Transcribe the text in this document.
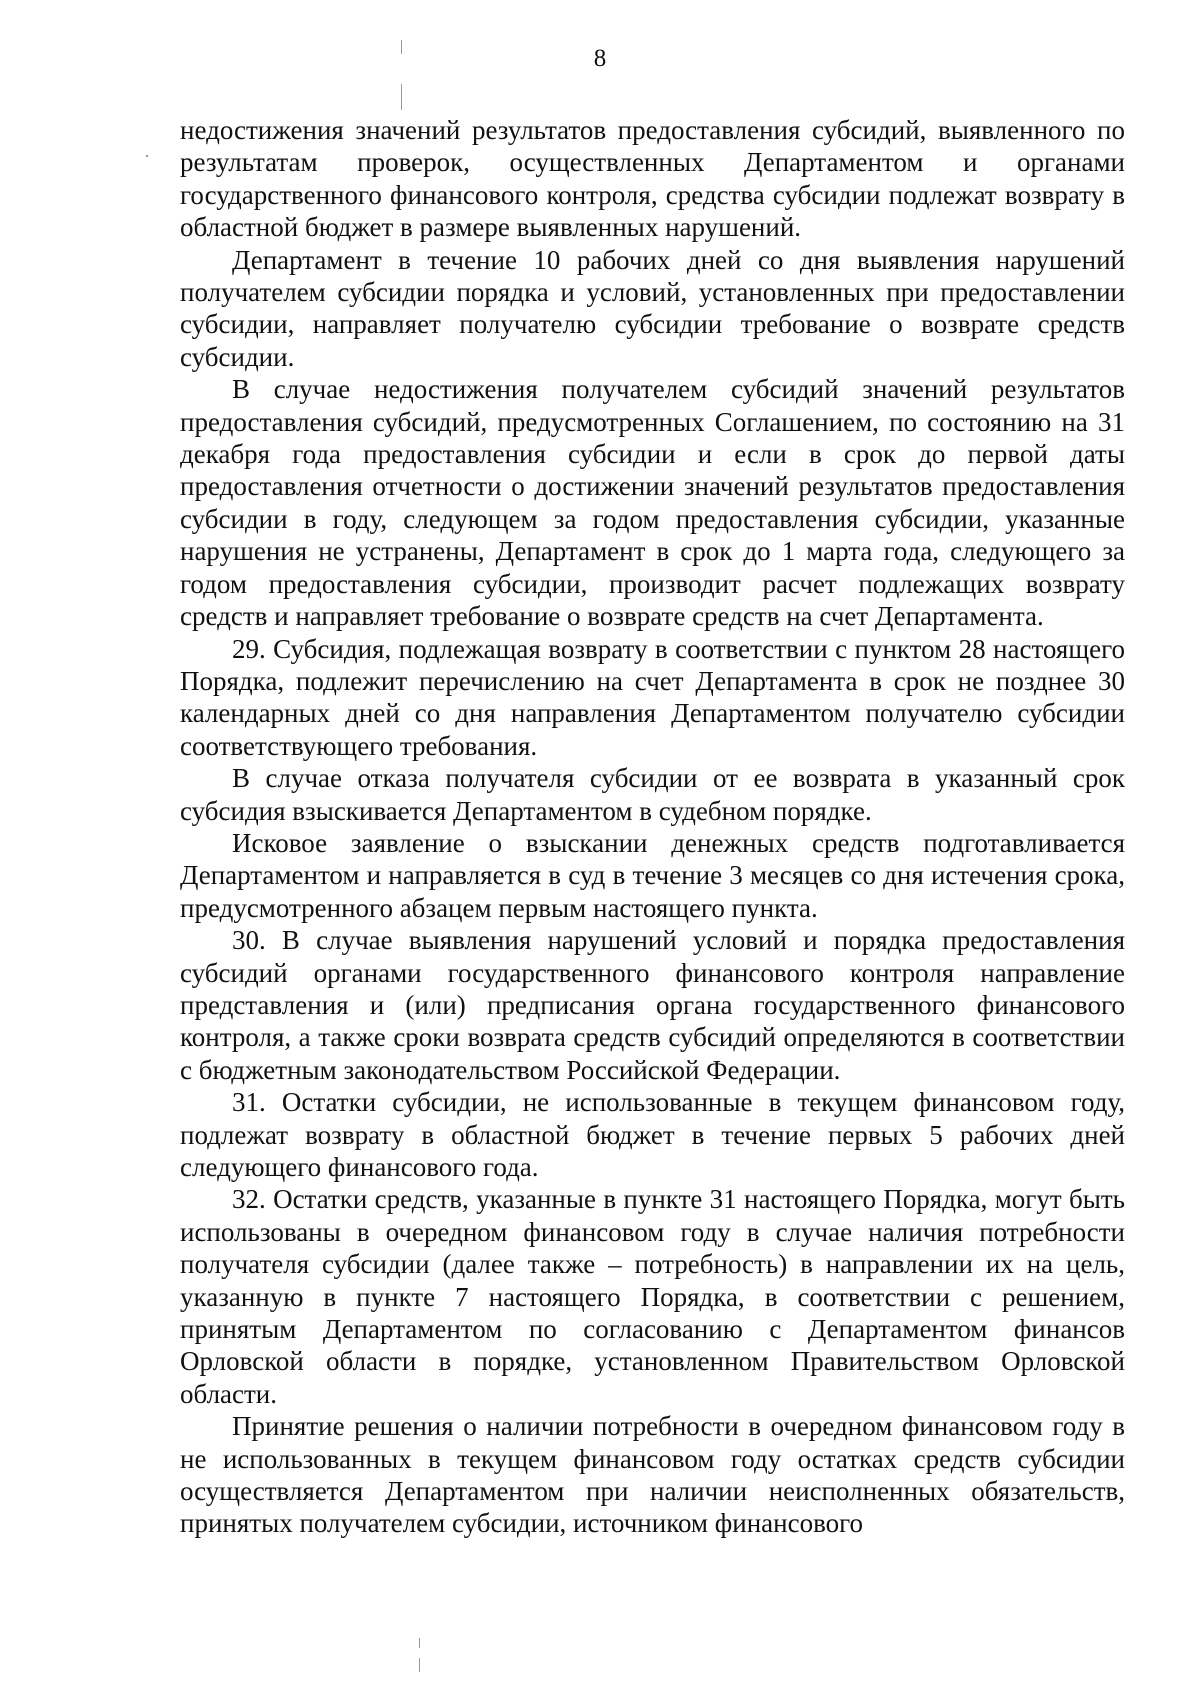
8

недостижения значений результатов предоставления субсидий, выявленного по результатам проверок, осуществленных Департаментом и органами государственного финансового контроля, средства субсидии подлежат возврату в областной бюджет в размере выявленных нарушений.

Департамент в течение 10 рабочих дней со дня выявления нарушений получателем субсидии порядка и условий, установленных при предоставлении субсидии, направляет получателю субсидии требование о возврате средств субсидии.

В случае недостижения получателем субсидий значений результатов предоставления субсидий, предусмотренных Соглашением, по состоянию на 31 декабря года предоставления субсидии и если в срок до первой даты предоставления отчетности о достижении значений результатов предоставления субсидии в году, следующем за годом предоставления субсидии, указанные нарушения не устранены, Департамент в срок до 1 марта года, следующего за годом предоставления субсидии, производит расчет подлежащих возврату средств и направляет требование о возврате средств на счет Департамента.

29. Субсидия, подлежащая возврату в соответствии с пунктом 28 настоящего Порядка, подлежит перечислению на счет Департамента в срок не позднее 30 календарных дней со дня направления Департаментом получателю субсидии соответствующего требования.

В случае отказа получателя субсидии от ее возврата в указанный срок субсидия взыскивается Департаментом в судебном порядке.

Исковое заявление о взыскании денежных средств подготавливается Департаментом и направляется в суд в течение 3 месяцев со дня истечения срока, предусмотренного абзацем первым настоящего пункта.

30. В случае выявления нарушений условий и порядка предоставления субсидий органами государственного финансового контроля направление представления и (или) предписания органа государственного финансового контроля, а также сроки возврата средств субсидий определяются в соответствии с бюджетным законодательством Российской Федерации.

31. Остатки субсидии, не использованные в текущем финансовом году, подлежат возврату в областной бюджет в течение первых 5 рабочих дней следующего финансового года.

32. Остатки средств, указанные в пункте 31 настоящего Порядка, могут быть использованы в очередном финансовом году в случае наличия потребности получателя субсидии (далее также – потребность) в направлении их на цель, указанную в пункте 7 настоящего Порядка, в соответствии с решением, принятым Департаментом по согласованию с Департаментом финансов Орловской области в порядке, установленном Правительством Орловской области.

Принятие решения о наличии потребности в очередном финансовом году в не использованных в текущем финансовом году остатках средств субсидии осуществляется Департаментом при наличии неисполненных обязательств, принятых получателем субсидии, источником финансового
